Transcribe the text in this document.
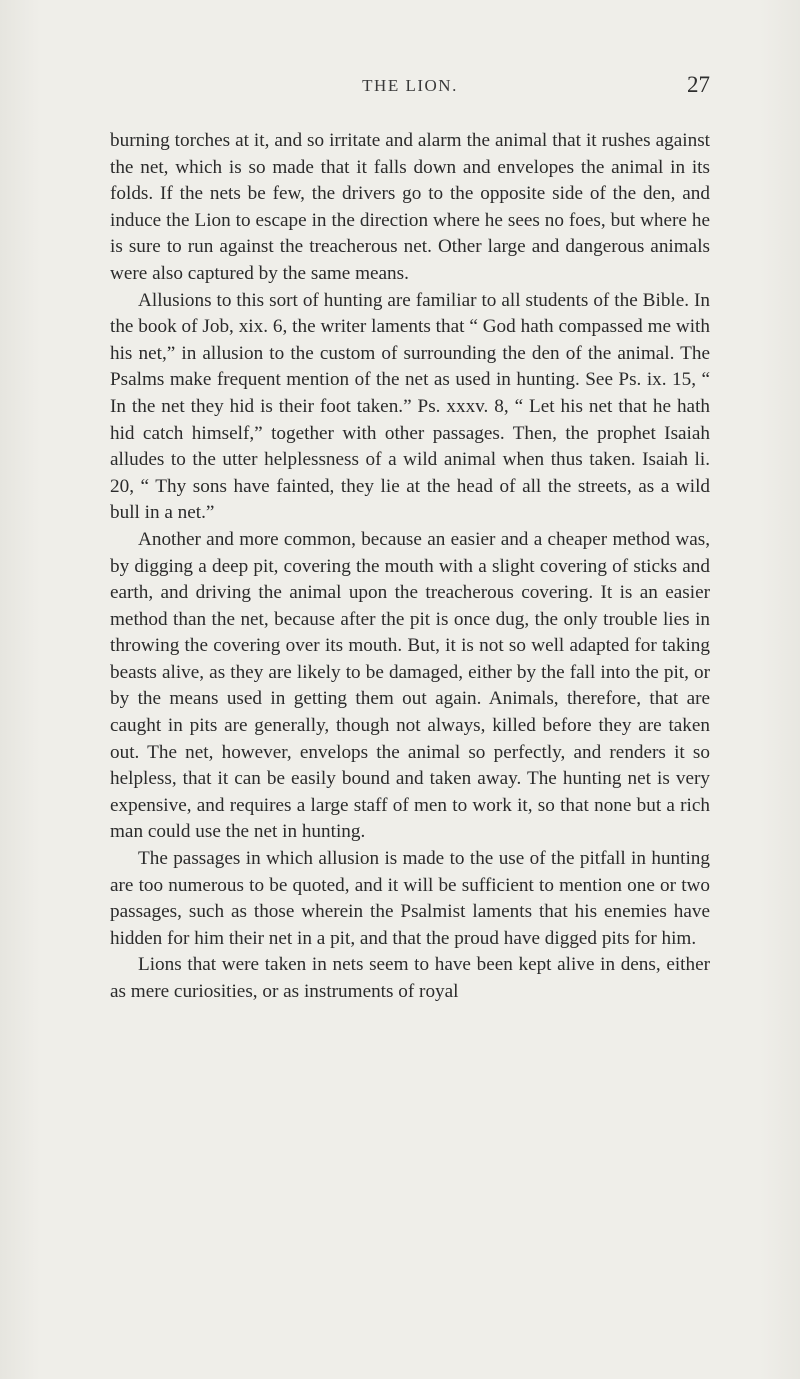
THE LION.	27

burning torches at it, and so irritate and alarm the animal that it rushes against the net, which is so made that it falls down and envelopes the animal in its folds. If the nets be few, the drivers go to the opposite side of the den, and induce the Lion to escape in the direction where he sees no foes, but where he is sure to run against the treacherous net. Other large and dangerous animals were also captured by the same means.

Allusions to this sort of hunting are familiar to all students of the Bible. In the book of Job, xix. 6, the writer laments that “ God hath compassed me with his net,” in allusion to the custom of surrounding the den of the animal. The Psalms make frequent mention of the net as used in hunting. See Ps. ix. 15, “ In the net they hid is their foot taken.” Ps. xxxv. 8, “ Let his net that he hath hid catch himself,” together with other passages. Then, the prophet Isaiah alludes to the utter helplessness of a wild animal when thus taken. Isaiah li. 20, “ Thy sons have fainted, they lie at the head of all the streets, as a wild bull in a net.”

Another and more common, because an easier and a cheaper method was, by digging a deep pit, covering the mouth with a slight covering of sticks and earth, and driving the animal upon the treacherous covering. It is an easier method than the net, because after the pit is once dug, the only trouble lies in throwing the covering over its mouth. But, it is not so well adapted for taking beasts alive, as they are likely to be damaged, either by the fall into the pit, or by the means used in getting them out again. Animals, therefore, that are caught in pits are generally, though not always, killed before they are taken out. The net, however, envelops the animal so perfectly, and renders it so helpless, that it can be easily bound and taken away. The hunting net is very expensive, and requires a large staff of men to work it, so that none but a rich man could use the net in hunting.

The passages in which allusion is made to the use of the pitfall in hunting are too numerous to be quoted, and it will be sufficient to mention one or two passages, such as those wherein the Psalmist laments that his enemies have hidden for him their net in a pit, and that the proud have digged pits for him.

Lions that were taken in nets seem to have been kept alive in dens, either as mere curiosities, or as instruments of royal
